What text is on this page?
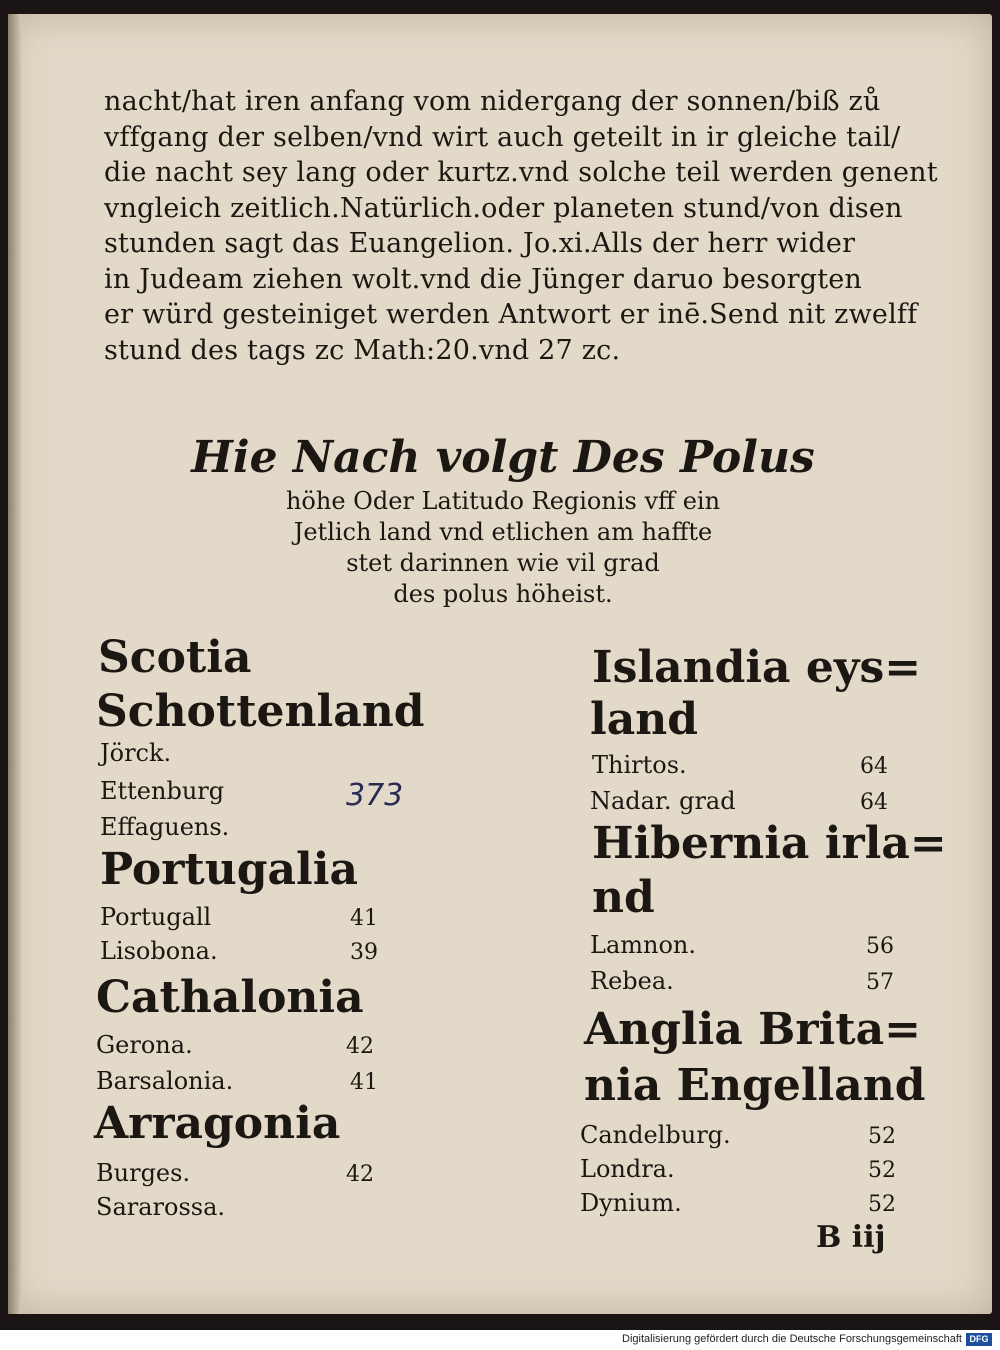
nacht/hat iren anfang vom nidergang der sonnen/biß zů
vffgang der selben/vnd wirt auch geteilt in ir gleiche tail/
die nacht sey lang oder kurtz.vnd solche teil werden genent
vngleich zeitlich.Natürlich.oder planeten stund/von disen
stunden sagt das Euangelion. Jo.xi.Alls der herr wider
in Judeam ziehen wolt.vnd die Jünger daruo besorgten
er würd gesteiniget werden Antwort er inē.Send nit zwelff
stund des tags zc Math:20.vnd 27 zc.
Hie Nach volgt Des Polus
höhe Oder Latitudo Regionis vff ein
Jetlich land vnd etlichen am haffte
stet darinnen wie vil grad
des polus höheist.
Scotia
Schottenland
Jörck.
Ettenburg	373
Effaguens.
Portugalia
Portugall	41
Lisobona.	39
Cathalonia
Gerona.	42
Barsalonia.	41
Arragonia
Burges.	42
Sararossa.
Islandia eys=
land
Thirtos.	64
Nadar. grad	64
Hibernia irla=
nd
Lamnon.	56
Rebea.	57
Anglia Brita=
nia Engelland
Candelburg.	52
Londra.	52
Dynium.	52
B iij
Digitalisierung gefördert durch die Deutsche Forschungsgemeinschaft DFG
